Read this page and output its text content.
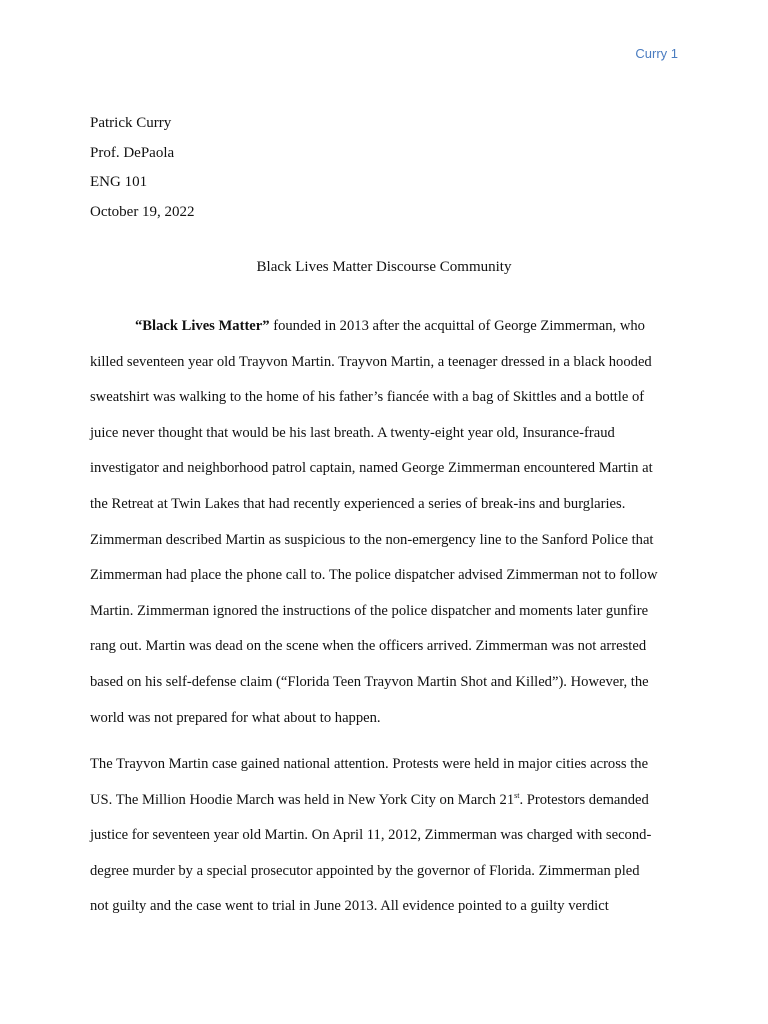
Curry 1
Patrick Curry
Prof. DePaola
ENG 101
October 19, 2022
Black Lives Matter Discourse Community
“Black Lives Matter” founded in 2013 after the acquittal of George Zimmerman, who
killed seventeen year old Trayvon Martin. Trayvon Martin, a teenager dressed in a black hooded
sweatshirt was walking to the home of his father’s fiancée with a bag of Skittles and a bottle of
juice never thought that would be his last breath. A twenty-eight year old, Insurance-fraud
investigator and neighborhood patrol captain, named George Zimmerman encountered Martin at
the Retreat at Twin Lakes that had recently experienced a series of break-ins and burglaries.
Zimmerman described Martin as suspicious to the non-emergency line to the Sanford Police that
Zimmerman had place the phone call to. The police dispatcher advised Zimmerman not to follow
Martin. Zimmerman ignored the instructions of the police dispatcher and moments later gunfire
rang out. Martin was dead on the scene when the officers arrived. Zimmerman was not arrested
based on his self-defense claim (“Florida Teen Trayvon Martin Shot and Killed”). However, the
world was not prepared for what about to happen.
The Trayvon Martin case gained national attention. Protests were held in major cities across the
US. The Million Hoodie March was held in New York City on March 21st. Protestors demanded
justice for seventeen year old Martin. On April 11, 2012, Zimmerman was charged with second-
degree murder by a special prosecutor appointed by the governor of Florida. Zimmerman pled
not guilty and the case went to trial in June 2013. All evidence pointed to a guilty verdict
